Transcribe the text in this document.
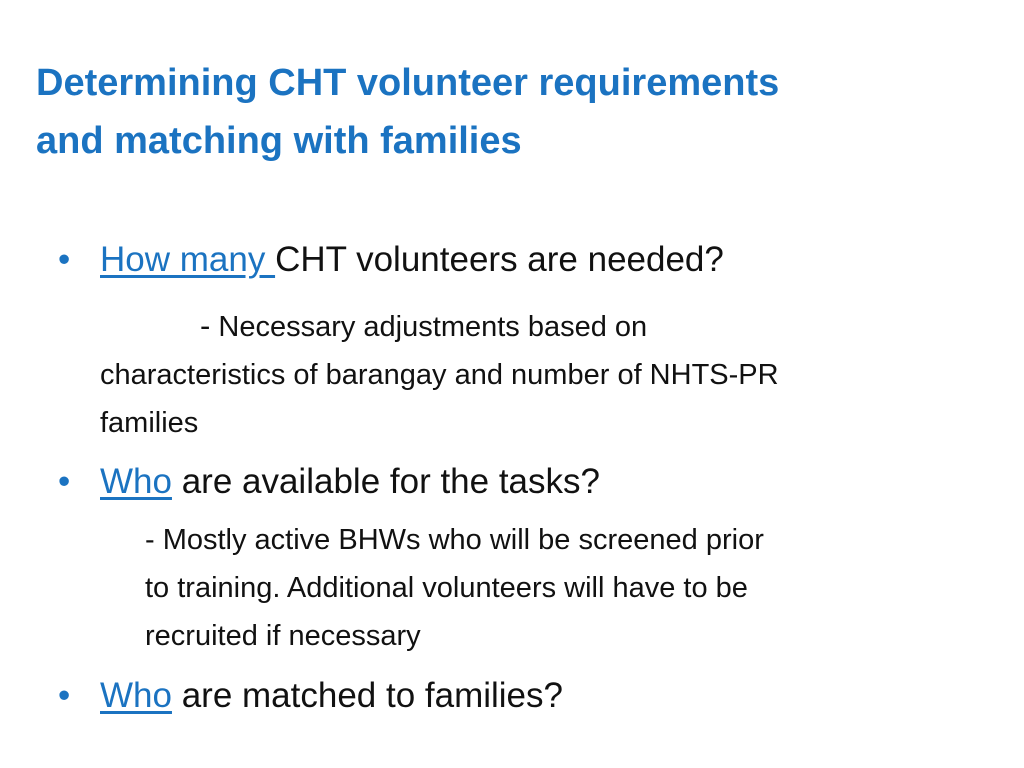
Determining CHT volunteer requirements
and matching with families
• How many CHT volunteers are needed?
- Necessary adjustments based on
characteristics of barangay and number of NHTS-PR
families
• Who are available for the tasks?
- Mostly active BHWs who will be screened prior
to training. Additional volunteers will have to be
recruited if necessary
• Who are matched to families?
